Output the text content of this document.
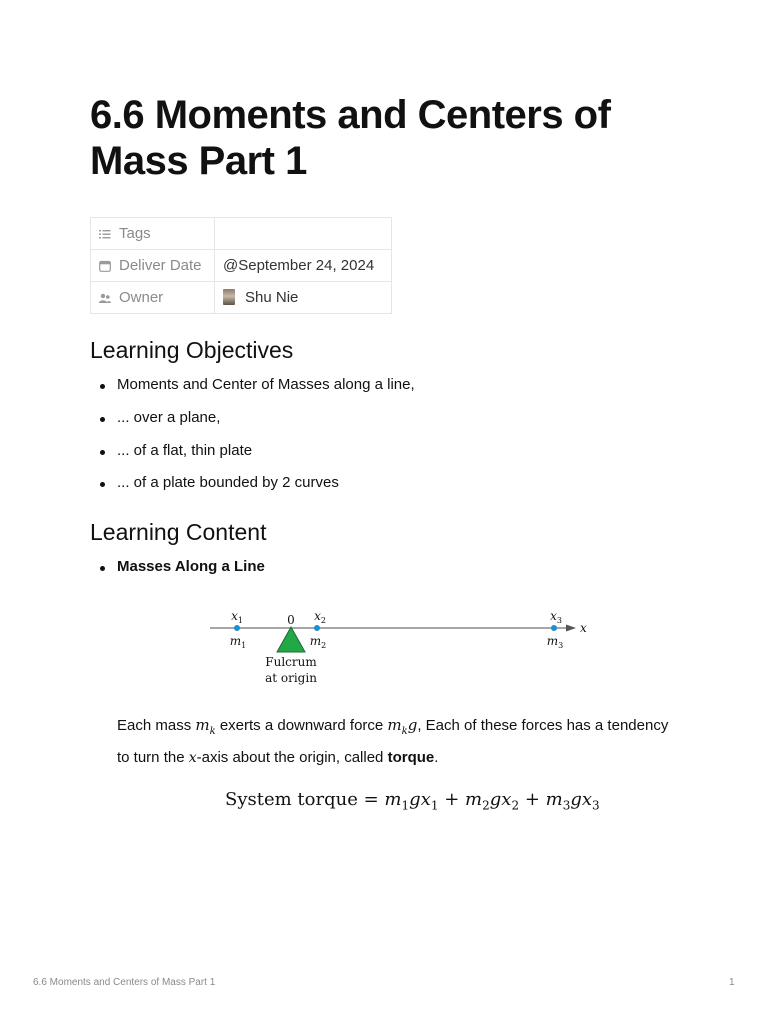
6.6 Moments and Centers of Mass Part 1
Tags	
Deliver Date	@September 24, 2024
Owner	Shu Nie
Learning Objectives
Moments and Center of Masses along a line,
... over a plane,
... of a flat, thin plate
... of a plate bounded by 2 curves
Learning Content
Masses Along a Line
x
0
Fulcrum
at origin
$x_1$
$m_1$
$x_2$
$m_2$
$x_3$
$m_3$

Each mass $m_k$ exerts a downward force $m_kg$, Each of these forces has a tendency to turn the x-axis about the origin, called torque.

System torque = $m_1gx_1 + m_2gx_2 + m_3gx_3$
6.6 Moments and Centers of Mass Part 1	1
